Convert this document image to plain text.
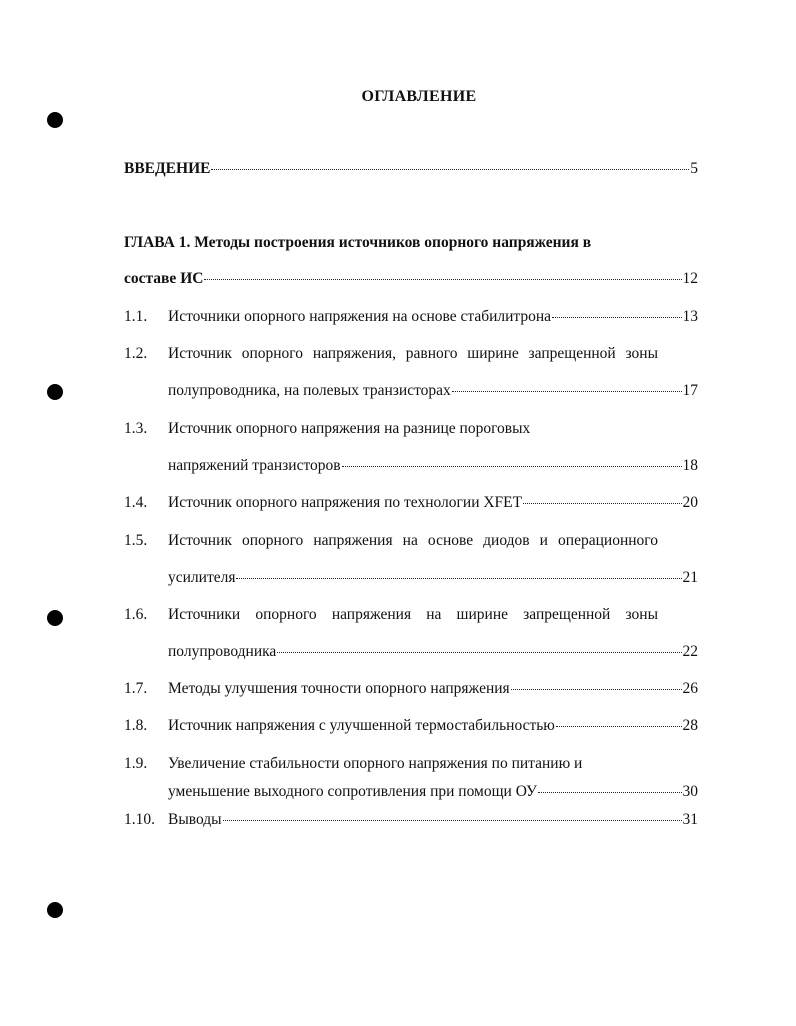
ОГЛАВЛЕНИЕ
ВВЕДЕНИЕ	5
ГЛАВА 1. Методы построения источников опорного напряжения в
составе ИС	12
1.1.	Источники опорного напряжения на основе стабилитрона	13
1.2. Источник опорного напряжения, равного ширине запрещенной зоны
полупроводника, на полевых транзисторах	17
1.3. Источник опорного напряжения на разнице пороговых
напряжений транзисторов	18
1.4.	Источник опорного напряжения по технологии XFET	20
1.5. Источник опорного напряжения на основе диодов и операционного
усилителя	21
1.6. Источники опорного напряжения на ширине запрещенной зоны
полупроводника	22
1.7.	Методы улучшения точности опорного напряжения	26
1.8.	Источник напряжения с улучшенной термостабильностью	28
1.9. Увеличение стабильности опорного напряжения по питанию и
уменьшение выходного сопротивления при помощи ОУ	30
1.10. Выводы	31
